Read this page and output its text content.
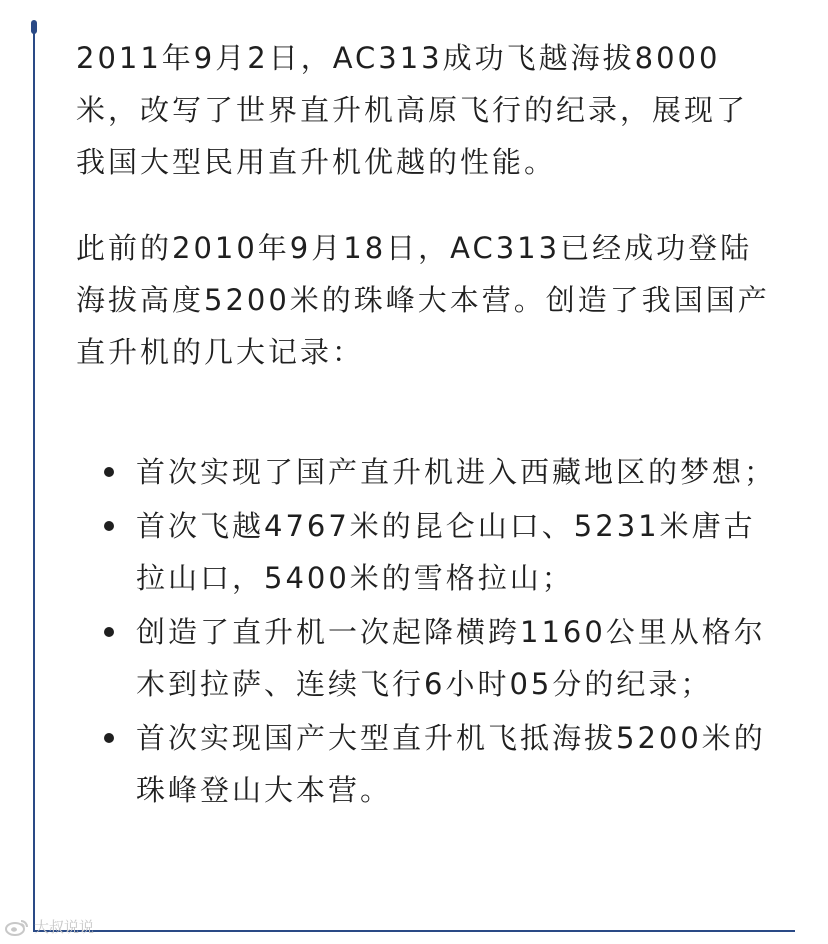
2011年9月2日，AC313成功飞越海拔8000米，改写了世界直升机高原飞行的纪录，展现了我国大型民用直升机优越的性能。

此前的2010年9月18日，AC313已经成功登陆海拔高度5200米的珠峰大本营。创造了我国国产直升机的几大记录：

首次实现了国产直升机进入西藏地区的梦想；
首次飞越4767米的昆仑山口、5231米唐古拉山口，5400米的雪格拉山；
创造了直升机一次起降横跨1160公里从格尔木到拉萨、连续飞行6小时05分的纪录；
首次实现国产大型直升机飞抵海拔5200米的珠峰登山大本营。
大叔说说
